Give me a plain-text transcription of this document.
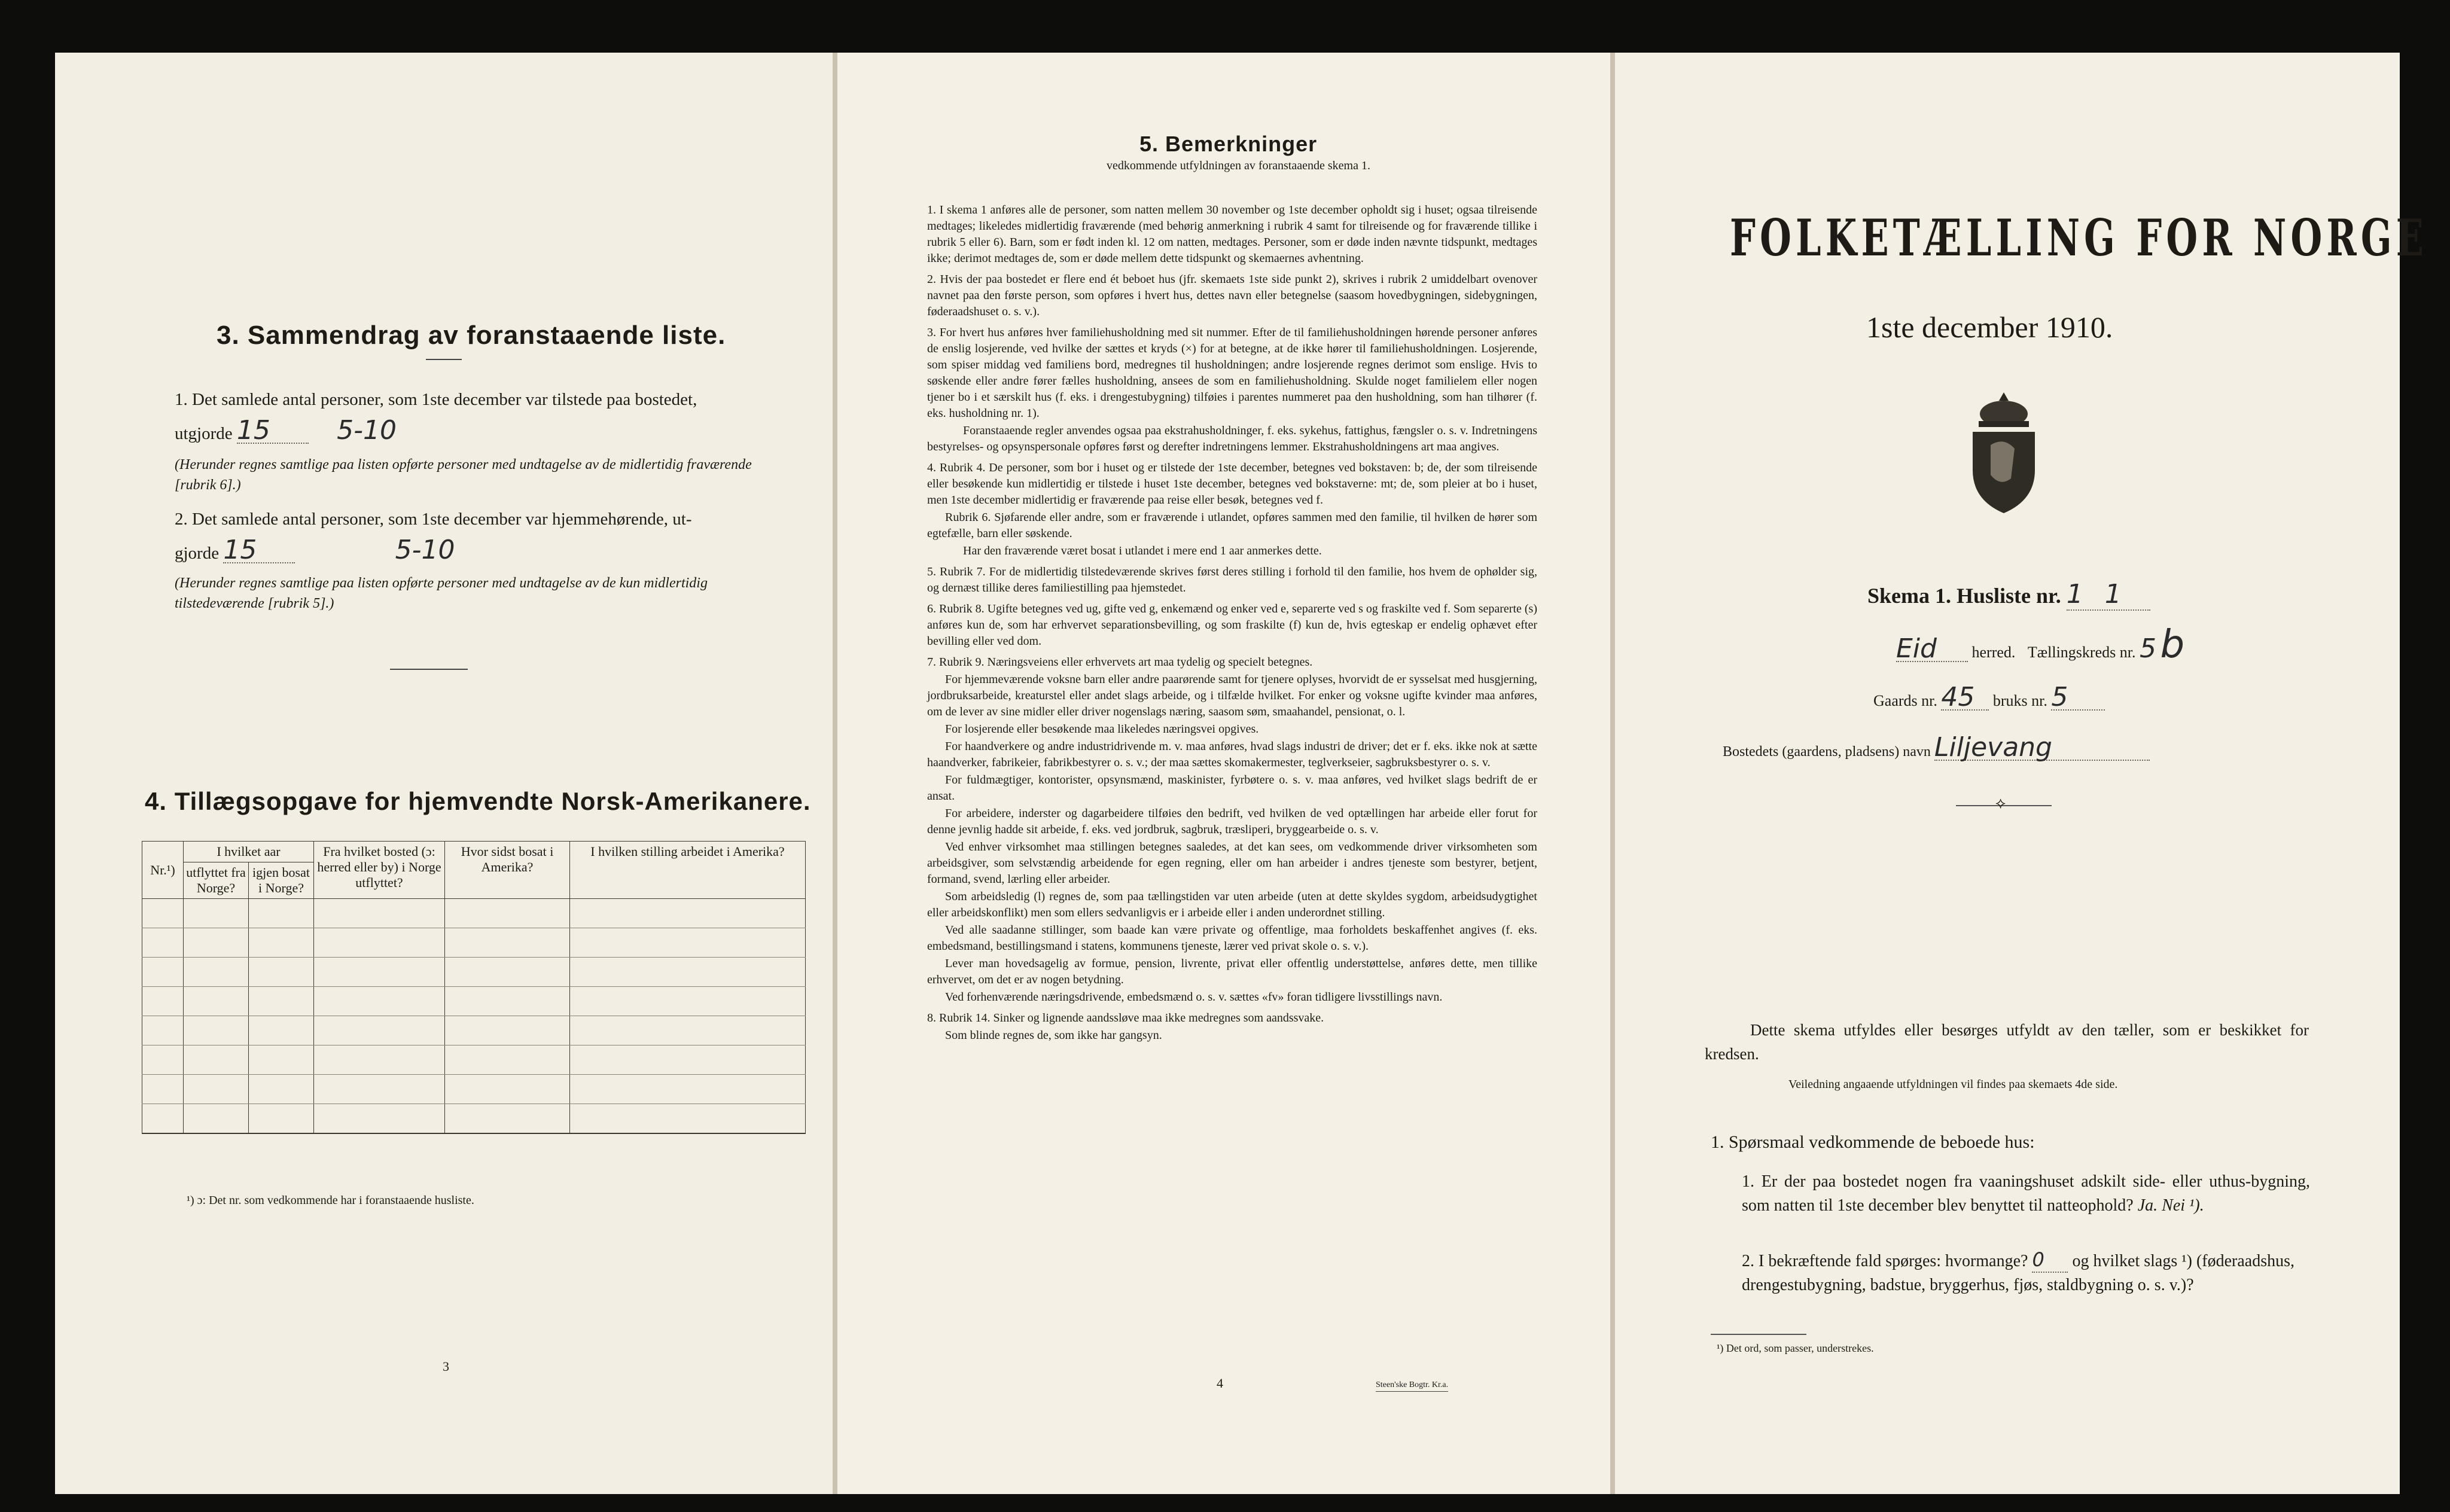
3. Sammendrag av foranstaaende liste.
1. Det samlede antal personer, som 1ste december var tilstede paa bostedet,
utgjorde 15	5-10
(Herunder regnes samtlige paa listen opførte personer med undtagelse av de midlertidig fraværende [rubrik 6].)
2. Det samlede antal personer, som 1ste december var hjemmehørende, ut-
gjorde 15	5-10
(Herunder regnes samtlige paa listen opførte personer med undtagelse av de kun midlertidig tilstedeværende [rubrik 5].)
4. Tillægsopgave for hjemvendte Norsk-Amerikanere.
Nr.¹)	I hvilket aar		Fra hvilket bosted (ɔ: herred eller by) i Norge utflyttet?	Hvor sidst bosat i Amerika?	I hvilken stilling arbeidet i Amerika?
	utflyttet fra Norge?	igjen bosat i Norge?			

¹) ɔ: Det nr. som vedkommende har i foranstaaende husliste.
3
5. Bemerkninger
vedkommende utfyldningen av foranstaaende skema 1.

1. I skema 1 anføres alle de personer, som natten mellem 30 november og 1ste december opholdt sig i huset; ogsaa tilreisende medtages; likeledes midlertidig fraværende (med behørig anmerkning i rubrik 4 samt for tilreisende og for fraværende tillike i rubrik 5 eller 6). Barn, som er født inden kl. 12 om natten, medtages. Personer, som er døde inden nævnte tidspunkt, medtages ikke; derimot medtages de, som er døde mellem dette tidspunkt og skemaernes avhentning.

2. Hvis der paa bostedet er flere end ét beboet hus (jfr. skemaets 1ste side punkt 2), skrives i rubrik 2 umiddelbart ovenover navnet paa den første person, som opføres i hvert hus, dettes navn eller betegnelse (saasom hovedbygningen, sidebygningen, føderaadshuset o. s. v.).

3. For hvert hus anføres hver familiehusholdning med sit nummer. Efter de til familiehusholdningen hørende personer anføres de enslig losjerende, ved hvilke der sættes et kryds (×) for at betegne, at de ikke hører til familiehusholdningen. Losjerende, som spiser middag ved familiens bord, medregnes til husholdningen; andre losjerende regnes derimot som enslige. Hvis to søskende eller andre fører fælles husholdning, ansees de som en familiehusholdning. Skulde noget familielem eller nogen tjener bo i et særskilt hus (f. eks. i drengestubygning) tilføies i parentes nummeret paa den husholdning, som han tilhører (f. eks. husholdning nr. 1).

Foranstaaende regler anvendes ogsaa paa ekstrahusholdninger, f. eks. sykehus, fattighus, fængsler o. s. v. Indretningens bestyrelses- og opsynspersonale opføres først og derefter indretningens lemmer. Ekstrahusholdningens art maa angives.

4. Rubrik 4. De personer, som bor i huset og er tilstede der 1ste december, betegnes ved bokstaven: b; de, der som tilreisende eller besøkende kun midlertidig er tilstede i huset 1ste december, betegnes ved bokstaverne: mt; de, som pleier at bo i huset, men 1ste december midlertidig er fraværende paa reise eller besøk, betegnes ved f.

Rubrik 6. Sjøfarende eller andre, som er fraværende i utlandet, opføres sammen med den familie, til hvilken de hører som egtefælle, barn eller søskende.

Har den fraværende været bosat i utlandet i mere end 1 aar anmerkes dette.

5. Rubrik 7. For de midlertidig tilstedeværende skrives først deres stilling i forhold til den familie, hos hvem de ophølder sig, og dernæst tillike deres familiestilling paa hjemstedet.

6. Rubrik 8. Ugifte betegnes ved ug, gifte ved g, enkemænd og enker ved e, separerte ved s og fraskilte ved f. Som separerte (s) anføres kun de, som har erhvervet separationsbevilling, og som fraskilte (f) kun de, hvis egteskap er endelig ophævet efter bevilling eller ved dom.

7. Rubrik 9. Næringsveiens eller erhvervets art maa tydelig og specielt betegnes.

For hjemmeværende voksne barn eller andre paarørende samt for tjenere oplyses, hvorvidt de er sysselsat med husgjerning, jordbruksarbeide, kreaturstel eller andet slags arbeide, og i tilfælde hvilket. For enker og voksne ugifte kvinder maa anføres, om de lever av sine midler eller driver nogenslags næring, saasom søm, smaahandel, pensionat, o. l.

For losjerende eller besøkende maa likeledes næringsvei opgives.

For haandverkere og andre industridrivende m. v. maa anføres, hvad slags industri de driver; det er f. eks. ikke nok at sætte haandverker, fabrikeier, fabrikbestyrer o. s. v.; der maa sættes skomakermester, teglverkseier, sagbruksbestyrer o. s. v.

For fuldmægtiger, kontorister, opsynsmænd, maskinister, fyrbøtere o. s. v. maa anføres, ved hvilket slags bedrift de er ansat.

For arbeidere, inderster og dagarbeidere tilføies den bedrift, ved hvilken de ved optællingen har arbeide eller forut for denne jevnlig hadde sit arbeide, f. eks. ved jordbruk, sagbruk, træsliperi, bryggearbeide o. s. v.

Ved enhver virksomhet maa stillingen betegnes saaledes, at det kan sees, om vedkommende driver virksomheten som arbeidsgiver, som selvstændig arbeidende for egen regning, eller om han arbeider i andres tjeneste som bestyrer, betjent, formand, svend, lærling eller arbeider.

Som arbeidsledig (l) regnes de, som paa tællingstiden var uten arbeide (uten at dette skyldes sygdom, arbeidsudygtighet eller arbeidskonflikt) men som ellers sedvanligvis er i arbeide eller i anden underordnet stilling.

Ved alle saadanne stillinger, som baade kan være private og offentlige, maa forholdets beskaffenhet angives (f. eks. embedsmand, bestillingsmand i statens, kommunens tjeneste, lærer ved privat skole o. s. v.).

Lever man hovedsagelig av formue, pension, livrente, privat eller offentlig understøttelse, anføres dette, men tillike erhvervet, om det er av nogen betydning.

Ved forhenværende næringsdrivende, embedsmænd o. s. v. sættes «fv» foran tidligere livsstillings navn.

8. Rubrik 14. Sinker og lignende aandssløve maa ikke medregnes som aandssvake.

Som blinde regnes de, som ikke har gangsyn.

4	Steen'ske Bogtr. Kr.a.
FOLKETÆLLING FOR NORGE
1ste december 1910.
Skema 1. Husliste nr. 1 1
Eid herred. Tællingskreds nr. 5 b
Gaards nr. 45 bruks nr. 5
Bostedets (gaardens, pladsens) navn Liljevang
⟡
Dette skema utfyldes eller besørges utfyldt av den tæller, som er beskikket for kredsen.
Veiledning angaaende utfyldningen vil findes paa skemaets 4de side.
1. Spørsmaal vedkommende de beboede hus:
1. Er der paa bostedet nogen fra vaaningshuset adskilt side- eller uthus-bygning, som natten til 1ste december blev benyttet til natteophold? Ja. Nei ¹).
2. I bekræftende fald spørges: hvormange? 0 og hvilket slags ¹) (føderaadshus, drengestubygning, badstue, bryggerhus, fjøs, staldbygning o. s. v.)?
¹) Det ord, som passer, understrekes.
